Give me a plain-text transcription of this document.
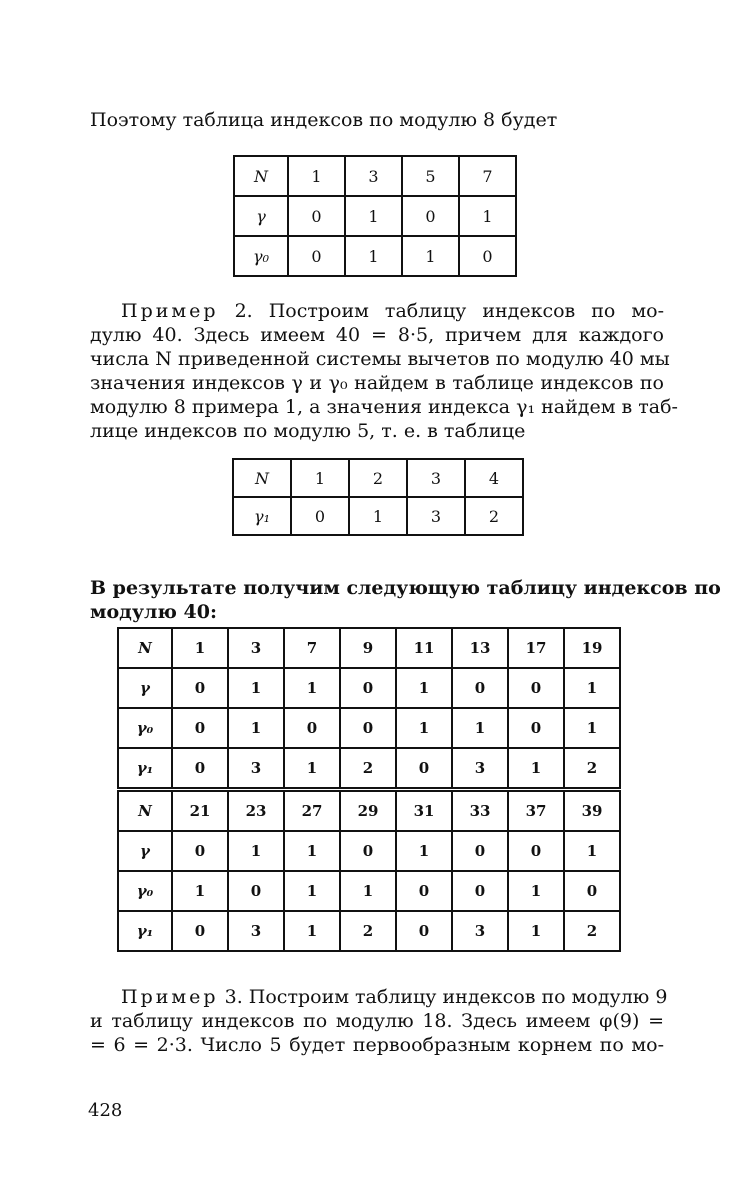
Поэтому таблица индексов по модулю 8 будет
N	1	3	5	7
γ	0	1	0	1
γ₀	0	1	1	0
Пример 2. Построим таблицу индексов по мо-
дулю 40. Здесь имеем 40 = 8·5, причем для каждого
числа N приведенной системы вычетов по модулю 40 мы
значения индексов γ и γ₀ найдем в таблице индексов по
модулю 8 примера 1, а значения индекса γ₁ найдем в таб-
лице индексов по модулю 5, т. е. в таблице
N	1	2	3	4
γ₁	0	1	3	2
В результате получим следующую таблицу индексов по
модулю 40:
N	1	3	7	9	11	13	17	19
γ	0	1	1	0	1	0	0	1
γ₀	0	1	0	0	1	1	0	1
γ₁	0	3	1	2	0	3	1	2
N	21	23	27	29	31	33	37	39
γ	0	1	1	0	1	0	0	1
γ₀	1	0	1	1	0	0	1	0
γ₁	0	3	1	2	0	3	1	2
Пример 3. Построим таблицу индексов по модулю 9
и таблицу индексов по модулю 18. Здесь имеем φ(9) =
= 6 = 2·3. Число 5 будет первообразным корнем по мо-
428
